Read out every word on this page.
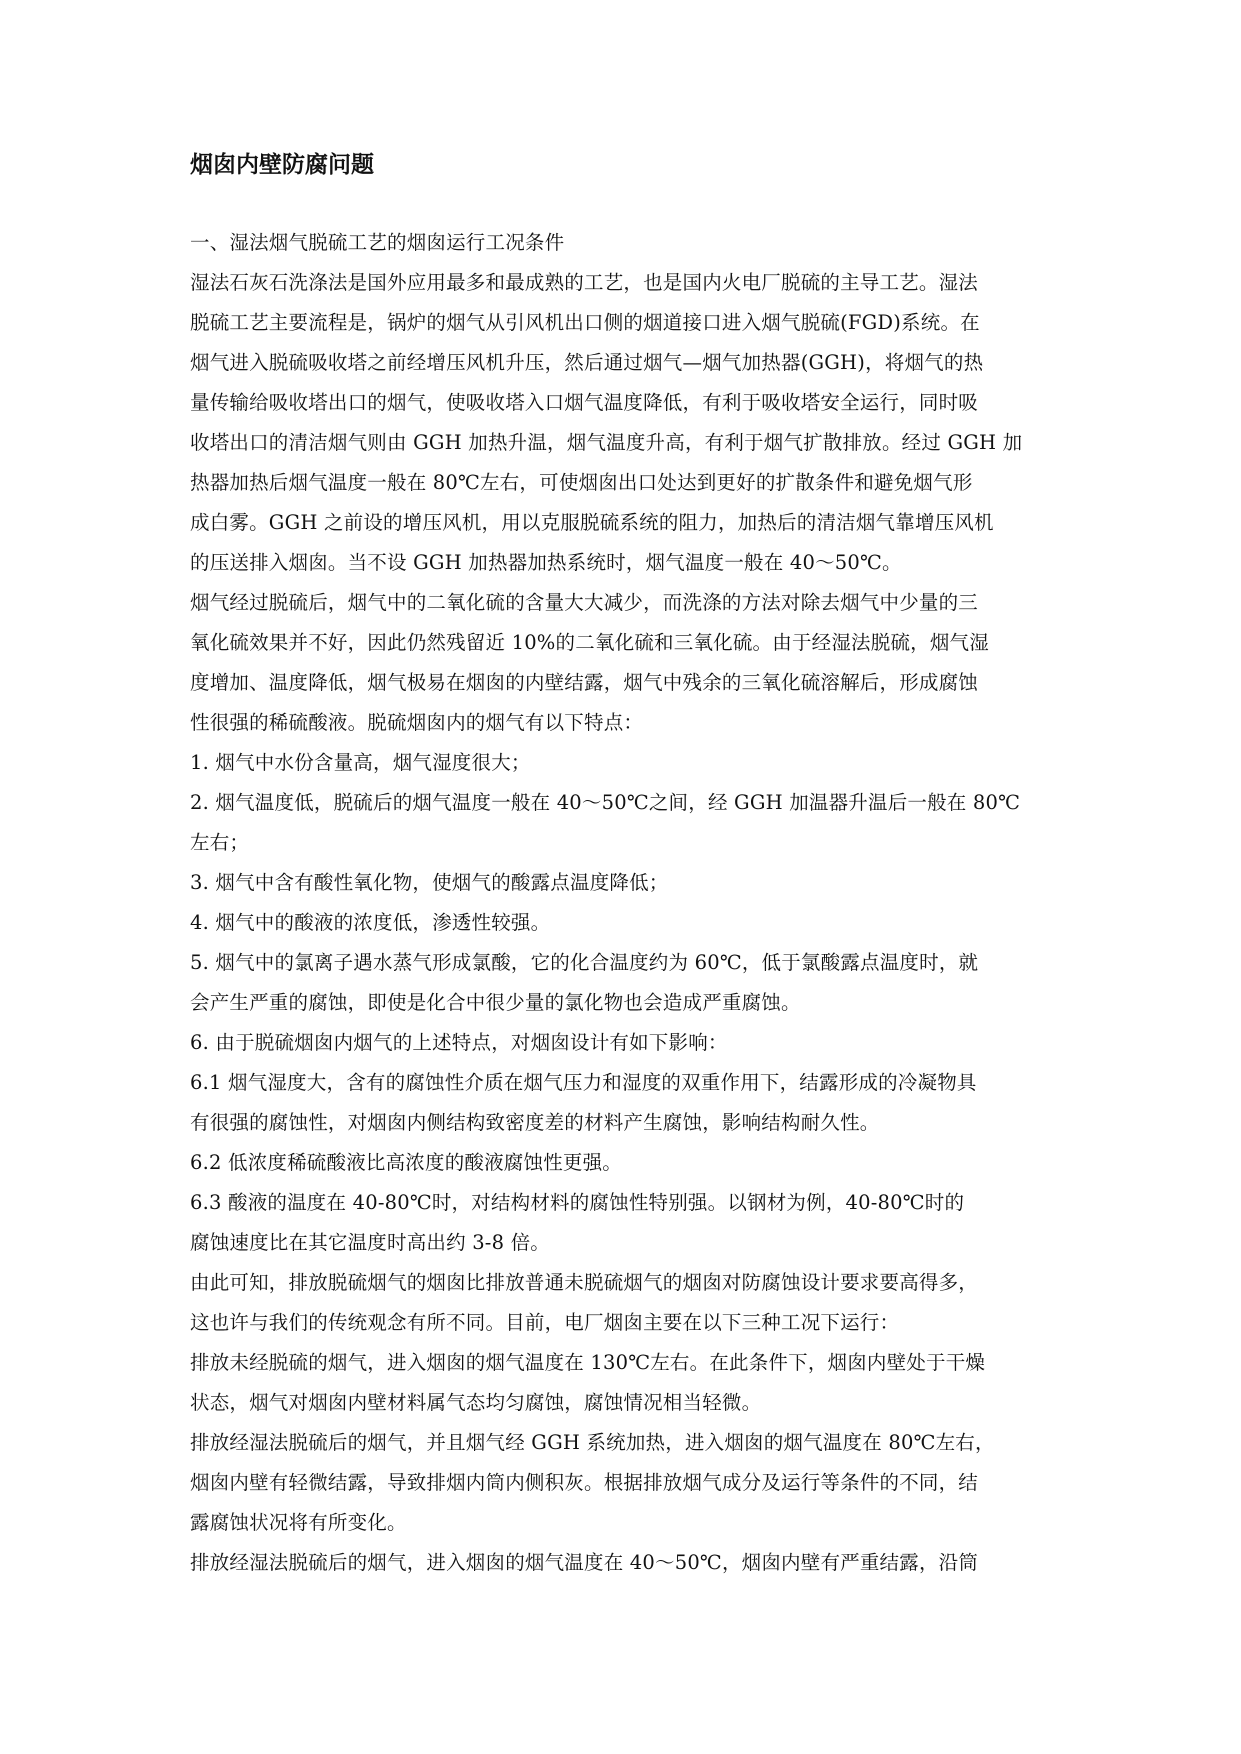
烟囱内壁防腐问题
一、湿法烟气脱硫工艺的烟囱运行工况条件
湿法石灰石洗涤法是国外应用最多和最成熟的工艺，也是国内火电厂脱硫的主导工艺。湿法
脱硫工艺主要流程是，锅炉的烟气从引风机出口侧的烟道接口进入烟气脱硫(FGD)系统。在
烟气进入脱硫吸收塔之前经增压风机升压，然后通过烟气—烟气加热器(GGH)，将烟气的热
量传输给吸收塔出口的烟气，使吸收塔入口烟气温度降低，有利于吸收塔安全运行，同时吸
收塔出口的清洁烟气则由 GGH 加热升温，烟气温度升高，有利于烟气扩散排放。经过 GGH 加
热器加热后烟气温度一般在 80℃左右，可使烟囱出口处达到更好的扩散条件和避免烟气形
成白雾。GGH 之前设的增压风机，用以克服脱硫系统的阻力，加热后的清洁烟气靠增压风机
的压送排入烟囱。当不设 GGH 加热器加热系统时，烟气温度一般在 40～50℃。
烟气经过脱硫后，烟气中的二氧化硫的含量大大减少，而洗涤的方法对除去烟气中少量的三
氧化硫效果并不好，因此仍然残留近 10%的二氧化硫和三氧化硫。由于经湿法脱硫，烟气湿
度增加、温度降低，烟气极易在烟囱的内壁结露，烟气中残余的三氧化硫溶解后，形成腐蚀
性很强的稀硫酸液。脱硫烟囱内的烟气有以下特点：
1. 烟气中水份含量高，烟气湿度很大；
2. 烟气温度低，脱硫后的烟气温度一般在 40～50℃之间，经 GGH 加温器升温后一般在 80℃
左右；
3. 烟气中含有酸性氧化物，使烟气的酸露点温度降低；
4. 烟气中的酸液的浓度低，渗透性较强。
5. 烟气中的氯离子遇水蒸气形成氯酸，它的化合温度约为 60℃，低于氯酸露点温度时，就
会产生严重的腐蚀，即使是化合中很少量的氯化物也会造成严重腐蚀。
6. 由于脱硫烟囱内烟气的上述特点，对烟囱设计有如下影响：
6.1 烟气湿度大，含有的腐蚀性介质在烟气压力和湿度的双重作用下，结露形成的冷凝物具
有很强的腐蚀性，对烟囱内侧结构致密度差的材料产生腐蚀，影响结构耐久性。
6.2 低浓度稀硫酸液比高浓度的酸液腐蚀性更强。
6.3 酸液的温度在 40-80℃时，对结构材料的腐蚀性特别强。以钢材为例，40-80℃时的
腐蚀速度比在其它温度时高出约 3-8 倍。
由此可知，排放脱硫烟气的烟囱比排放普通未脱硫烟气的烟囱对防腐蚀设计要求要高得多，
这也许与我们的传统观念有所不同。目前，电厂烟囱主要在以下三种工况下运行：
排放未经脱硫的烟气，进入烟囱的烟气温度在 130℃左右。在此条件下，烟囱内壁处于干燥
状态，烟气对烟囱内壁材料属气态均匀腐蚀，腐蚀情况相当轻微。
排放经湿法脱硫后的烟气，并且烟气经 GGH 系统加热，进入烟囱的烟气温度在 80℃左右，
烟囱内壁有轻微结露，导致排烟内筒内侧积灰。根据排放烟气成分及运行等条件的不同，结
露腐蚀状况将有所变化。
排放经湿法脱硫后的烟气，进入烟囱的烟气温度在 40～50℃，烟囱内壁有严重结露，沿筒
